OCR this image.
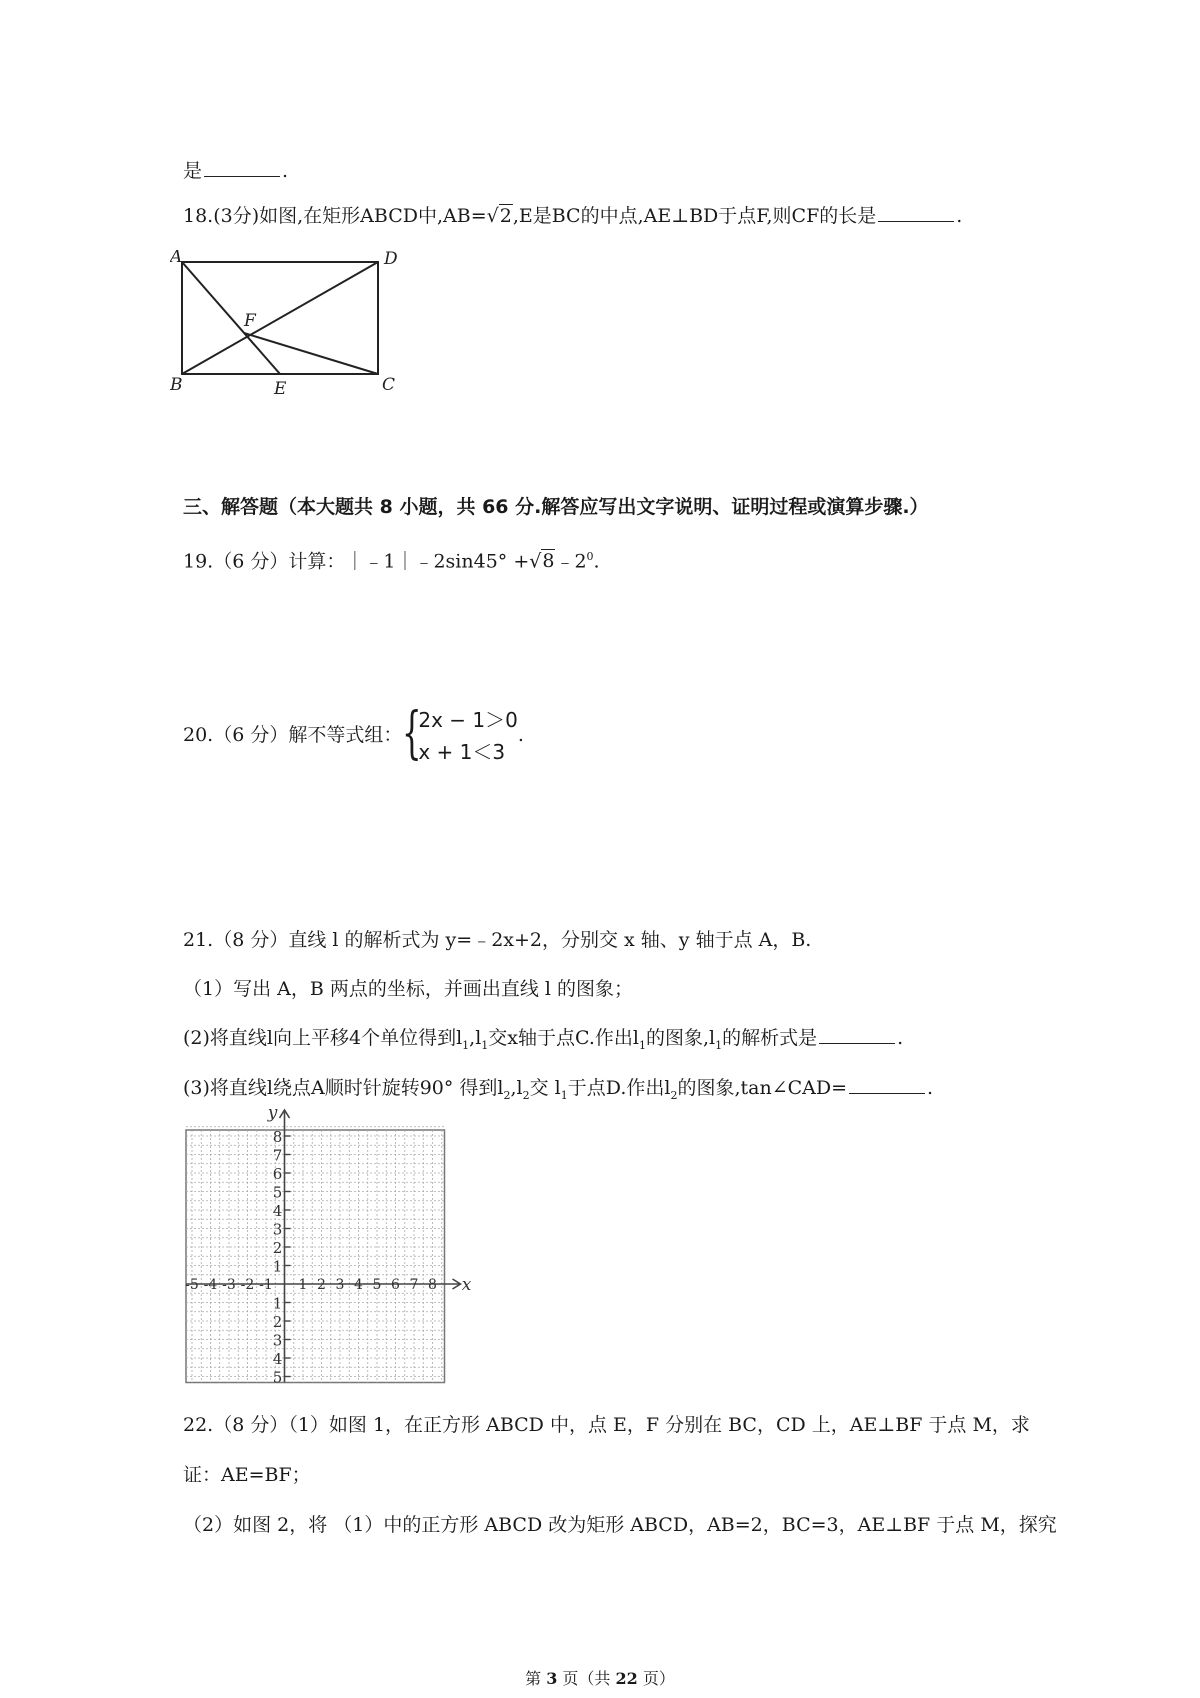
是	.
18.(3分)如图,在矩形ABCD中,AB=√2,E是BC的中点,AE⊥BD于点F,则CF的长是	.
A	D
F
B	E	C
三、解答题（本大题共 8 小题，共 66 分.解答应写出文字说明、证明过程或演算步骤.）
19.（6 分）计算：｜﹣1｜﹣2sin45° $+√8﹣2^0$.
20.（6 分）解不等式组： {
2x − 1＞0
x + 1＜3
.
21.（8 分）直线 l 的解析式为 y=﹣2x+2，分别交 x 轴、y 轴于点 A，B.
（1）写出 A，B 两点的坐标，并画出直线 l 的图象；
(2)将直线l向上平移4个单位得到$l_1,l_1$交x轴于点C.作出$l_1$的图象$,l_1$的解析式是	.
(3)将直线l绕点A顺时针旋转90° 得到$l_2,l_2$交 $l_1$于点D.作出$l_2$的图象,tan∠CAD=	.
-5 -4 -3 -2 -1 1 2 3 4 5 6 7 8
1
2
3
4
5
6
7
8
1
2
3
4
5
x
y
22.（8 分）（1）如图 1，在正方形 ABCD 中，点 E，F 分别在 BC，CD 上，AE⊥BF 于点 M，求
证：AE=BF；
（2）如图 2，将 （1）中的正方形 ABCD 改为矩形 ABCD，AB=2，BC=3，AE⊥BF 于点 M，探究
第 3 页（共 22 页）
